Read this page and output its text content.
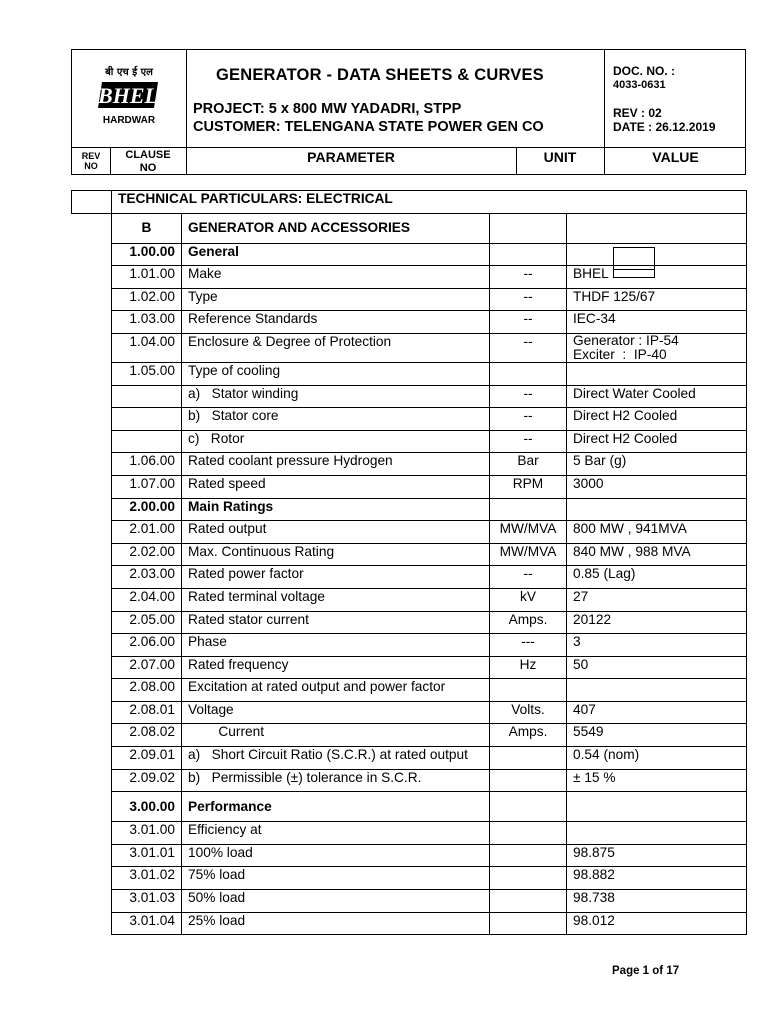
बी एच ई एल
BHEL
HARDWAR
GENERATOR - DATA SHEETS & CURVES
PROJECT: 5 x 800 MW YADADRI, STPP
CUSTOMER: TELENGANA STATE POWER GEN CO
DOC. NO. :
4033-0631
REV : 02
DATE : 26.12.2019
REV
NO
CLAUSE
NO
PARAMETER	UNIT	VALUE
	TECHNICAL PARTICULARS: ELECTRICAL			

B	GENERATOR AND ACCESSORIES		

1.00.00	General		

1.01.00	Make	--	BHEL

1.02.00	Type	--	THDF 125/67

1.03.00	Reference Standards	--	IEC-34

1.04.00	Enclosure & Degree of Protection	--	Generator : IP-54
Exciter  :  IP-40

1.05.00	Type of cooling		

	a)   Stator winding	--	Direct Water Cooled

	b)   Stator core	--	Direct H2 Cooled

	c)   Rotor	--	Direct H2 Cooled

1.06.00	Rated coolant pressure Hydrogen	Bar	5 Bar (g)

1.07.00	Rated speed	RPM	3000

2.00.00	Main Ratings		

2.01.00	Rated output	MW/MVA	800 MW , 941MVA

2.02.00	Max. Continuous Rating	MW/MVA	840 MW , 988 MVA

2.03.00	Rated power factor	--	0.85 (Lag)

2.04.00	Rated terminal voltage	kV	27

2.05.00	Rated stator current	Amps.	20122

2.06.00	Phase	---	3

2.07.00	Rated frequency	Hz	50

2.08.00	Excitation at rated output and power factor		

2.08.01	Voltage	Volts.	407

2.08.02	Current	Amps.	5549

2.09.01	a)   Short Circuit Ratio (S.C.R.) at rated output		0.54 (nom)

2.09.02	b)   Permissible (±) tolerance in S.C.R.		± 15 %

3.00.00	Performance		

3.01.00	Efficiency at		

3.01.01	100% load		98.875

3.01.02	75% load		98.882

3.01.03	50% load		98.738

3.01.04	25% load		98.012
Page 1 of 17
